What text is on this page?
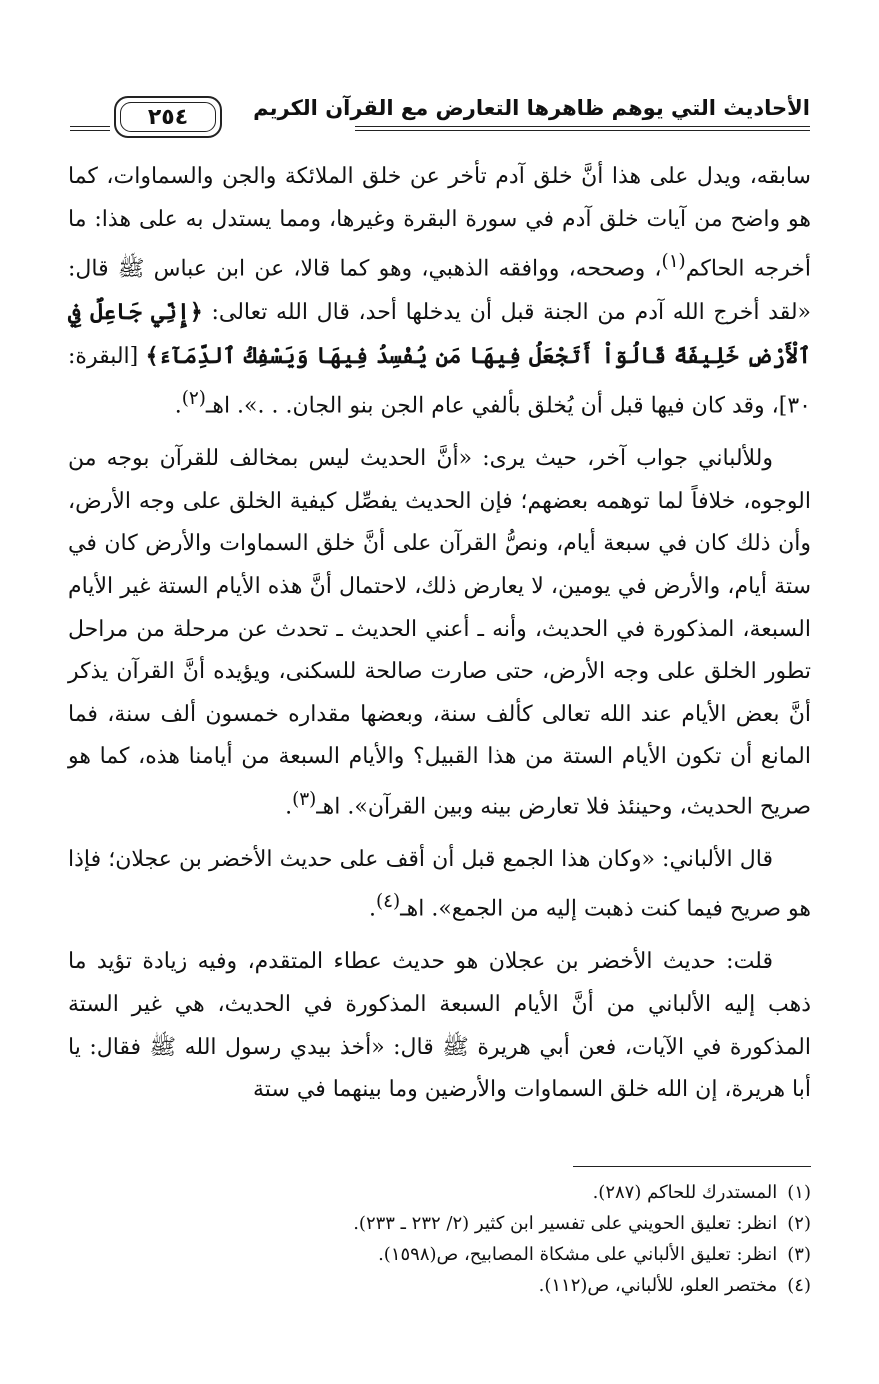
الأحاديث التي يوهم ظاهرها التعارض مع القرآن الكريم
٢٥٤

سابقه، ويدل على هذا أنَّ خلق آدم تأخر عن خلق الملائكة والجن والسماوات، كما هو واضح من آيات خلق آدم في سورة البقرة وغيرها، ومما يستدل به على هذا: ما أخرجه الحاكم$^{(١)}$، وصححه، ووافقه الذهبي، وهو كما قالا، عن ابن عباس ﷺ قال: «لقد أخرج الله آدم من الجنة قبل أن يدخلها أحد، قال الله تعالى: ﴿إِنِّي جَاعِلٌ فِي ٱلْأَرْضِ خَلِيفَةً قَالُوٓاْ أَتَجْعَلُ فِيهَا مَن يُفْسِدُ فِيهَا وَيَسْفِكُ ٱلدِّمَآءَ﴾ [البقرة: ٣٠]، وقد كان فيها قبل أن يُخلق بألفي عام الجن بنو الجان. . .». اهـ$^{(٢)}$.

وللألباني جواب آخر، حيث يرى: «أنَّ الحديث ليس بمخالف للقرآن بوجه من الوجوه، خلافاً لما توهمه بعضهم؛ فإن الحديث يفصِّل كيفية الخلق على وجه الأرض، وأن ذلك كان في سبعة أيام، ونصُّ القرآن على أنَّ خلق السماوات والأرض كان في ستة أيام، والأرض في يومين، لا يعارض ذلك، لاحتمال أنَّ هذه الأيام الستة غير الأيام السبعة، المذكورة في الحديث، وأنه ـ أعني الحديث ـ تحدث عن مرحلة من مراحل تطور الخلق على وجه الأرض، حتى صارت صالحة للسكنى، ويؤيده أنَّ القرآن يذكر أنَّ بعض الأيام عند الله تعالى كألف سنة، وبعضها مقداره خمسون ألف سنة، فما المانع أن تكون الأيام الستة من هذا القبيل؟ والأيام السبعة من أيامنا هذه، كما هو صريح الحديث، وحينئذ فلا تعارض بينه وبين القرآن». اهـ$^{(٣)}$.

قال الألباني: «وكان هذا الجمع قبل أن أقف على حديث الأخضر بن عجلان؛ فإذا هو صريح فيما كنت ذهبت إليه من الجمع». اهـ$^{(٤)}$.

قلت: حديث الأخضر بن عجلان هو حديث عطاء المتقدم، وفيه زيادة تؤيد ما ذهب إليه الألباني من أنَّ الأيام السبعة المذكورة في الحديث، هي غير الستة المذكورة في الآيات، فعن أبي هريرة ﷺ قال: «أخذ بيدي رسول الله ﷺ فقال: يا أبا هريرة، إن الله خلق السماوات والأرضين وما بينهما في ستة

(١)المستدرك للحاكم (٢٨٧).

(٢)انظر: تعليق الحويني على تفسير ابن كثير (٢/ ٢٣٢ ـ ٢٣٣).

(٣)انظر: تعليق الألباني على مشكاة المصابيح، ص(١٥٩٨).

(٤)مختصر العلو، للألباني، ص(١١٢).
